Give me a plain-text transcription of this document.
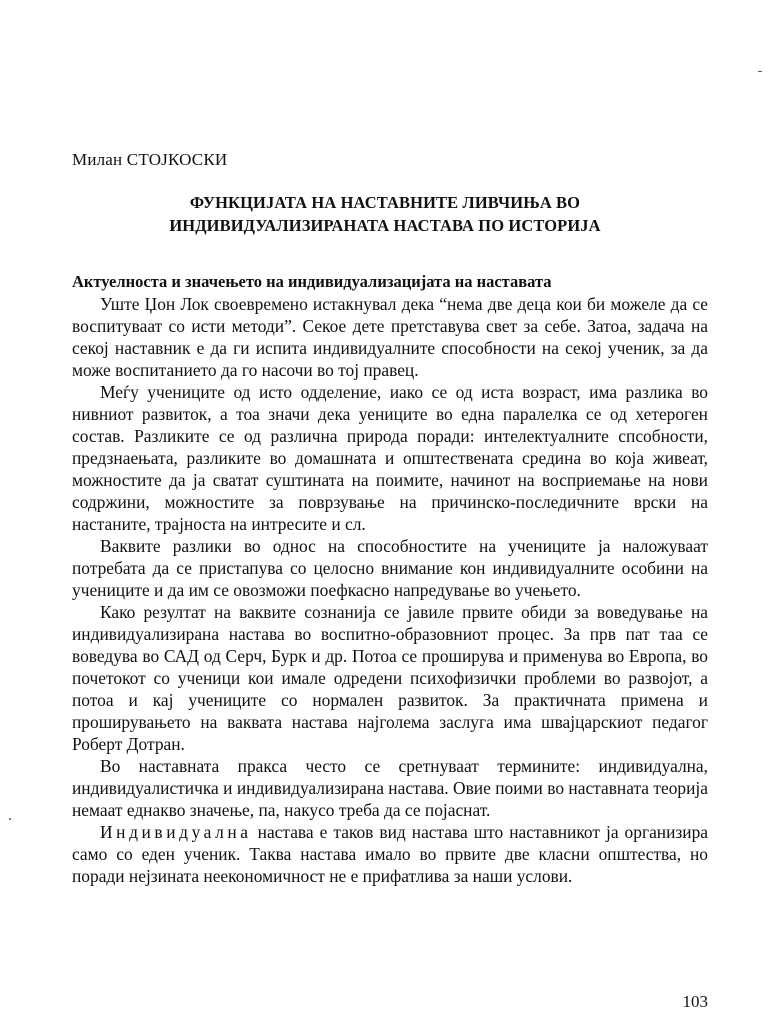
Милан СТОЈКОСКИ
ФУНКЦИЈАТА НА НАСТАВНИТЕ ЛИВЧИЊА ВО
ИНДИВИДУАЛИЗИРАНАТА НАСТАВА ПО ИСТОРИЈА
Актуелноста и значењето на индивидуализацијата на наставата

Уште Џон Лок своевремено истакнувал дека “нема две деца кои би можеле да се воспитуваат со исти методи”. Секое дете претставува свет за себе. Затоа, задача на секој наставник е да ги испита индивидуалните способности на секој ученик, за да може воспитанието да го насочи во тој правец.

Меѓу учениците од исто одделение, иако се од иста возраст, има разлика во нивниот развиток, а тоа значи дека уениците во една паралелка се од хетероген состав. Разликите се од различна природа поради: интелектуалните спсобности, предзнаењата, разликите во домашната и општествената средина во која живеат, можностите да ја сватат суштината на поимите, начинот на восприемање на нови содржини, можностите за поврзување на причинско-последичните врски на настаните, трајноста на интресите и сл.

Ваквите разлики во однос на способностите на учениците ја наложуваат потребата да се пристапува со целосно внимание кон индивидуалните особини на учениците и да им се овозможи поефкасно напредување во учењето.

Како резултат на ваквите сознанија се јавиле првите обиди за воведување на индивидуализирана настава во воспитно-образовниот процес. За прв пат таа се воведува во САД од Серч, Бурк и др. Потоа се проширува и применува во Европа, во почетокот со ученици кои имале одредени психофизички проблеми во развојот, а потоа и кај учениците со нормален развиток. За практичната примена и проширувањето на ваквата настава најголема заслуга има швајцарскиот педагог Роберт Дотран.

Во наставната пракса често се сретнуваат термините: индивидуална, индивидуалистичка и индивидуализирана настава. Овие поими во наставната теорија немаат еднакво значење, па, накусо треба да се појаснат.

Индивидуална настава е таков вид настава што наставникот ја организира само со еден ученик. Таква настава имало во првите две класни општества, но поради нејзината неекономичност не е прифатлива за наши услови.

103
